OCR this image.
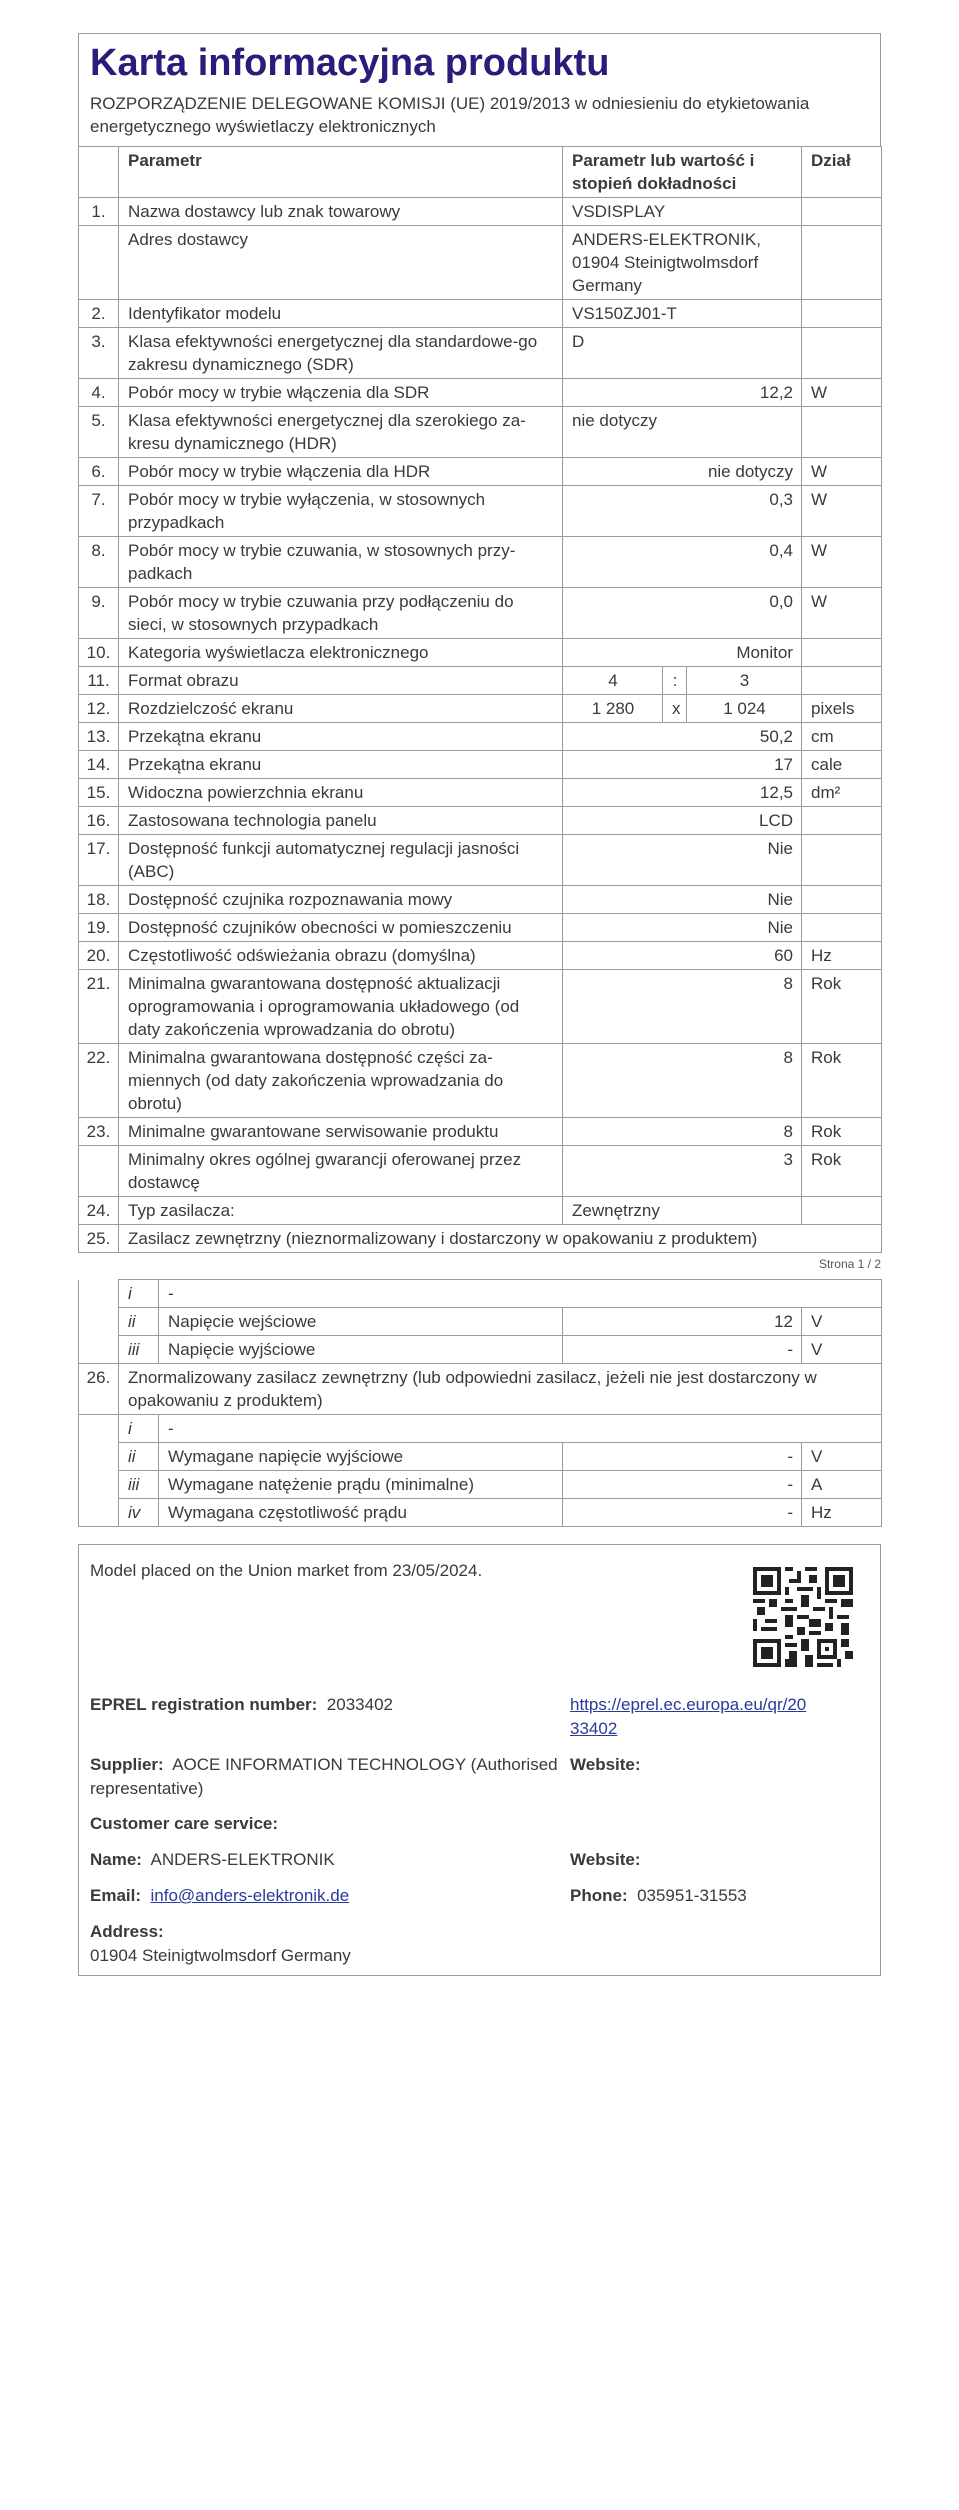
Karta informacyjna produktu
ROZPORZĄDZENIE DELEGOWANE KOMISJI (UE) 2019/2013 w odniesieniu do etykietowania energetycznego wyświetlaczy elektronicznych
	Parametr	Parametr lub wartość i stopień dokładności			Dział
1.	Nazwa dostawcy lub znak towarowy	VSDISPLAY			
	Adres dostawcy	ANDERS-ELEKTRONIK, 01904 Steinigtwolmsdorf Germany			
2.	Identyfikator modelu	VS150ZJ01-T			
3.	Klasa efektywności energetycznej dla standardowe-go zakresu dynamicznego (SDR)	D			
4.	Pobór mocy w trybie włączenia dla SDR	12,2			W
5.	Klasa efektywności energetycznej dla szerokiego za-kresu dynamicznego (HDR)	nie dotyczy			
6.	Pobór mocy w trybie włączenia dla HDR	nie dotyczy			W
7.	Pobór mocy w trybie wyłączenia, w stosownych przypadkach	0,3			W
8.	Pobór mocy w trybie czuwania, w stosownych przy-padkach	0,4			W
9.	Pobór mocy w trybie czuwania przy podłączeniu do sieci, w stosownych przypadkach	0,0			W
10.	Kategoria wyświetlacza elektronicznego	Monitor			
11.	Format obrazu	4	:	3	
12.	Rozdzielczość ekranu	1 280	x	1 024	pixels
13.	Przekątna ekranu	50,2			cm
14.	Przekątna ekranu	17			cale
15.	Widoczna powierzchnia ekranu	12,5			dm²
16.	Zastosowana technologia panelu	LCD			
17.	Dostępność funkcji automatycznej regulacji jasności (ABC)	Nie			
18.	Dostępność czujnika rozpoznawania mowy	Nie			
19.	Dostępność czujników obecności w pomieszczeniu	Nie			
20.	Częstotliwość odświeżania obrazu (domyślna)	60			Hz
21.	Minimalna gwarantowana dostępność aktualizacji oprogramowania i oprogramowania układowego (od daty zakończenia wprowadzania do obrotu)	8			Rok
22.	Minimalna gwarantowana dostępność części za-miennych (od daty zakończenia wprowadzania do obrotu)	8			Rok
23.	Minimalne gwarantowane serwisowanie produktu	8			Rok
	Minimalny okres ogólnej gwarancji oferowanej przez dostawcę	3			Rok
24.	Typ zasilacza:	Zewnętrzny			
25.	Zasilacz zewnętrzny (nieznormalizowany i dostarczony w opakowaniu z produktem)				
Strona 1 / 2
	i	-		
	ii	Napięcie wejściowe	12	V
	iii	Napięcie wyjściowe	-	V
26.	Znormalizowany zasilacz zewnętrzny (lub odpowiedni zasilacz, jeżeli nie jest dostarczony w opakowaniu z produktem)			
	i	-		
	ii	Wymagane napięcie wyjściowe	-	V
	iii	Wymagane natężenie prądu (minimalne)	-	A
	iv	Wymagana częstotliwość prądu	-	Hz
Model placed on the Union market from 23/05/2024.
EPREL registration number: 2033402	https://eprel.ec.europa.eu/qr/20
33402
Supplier: AOCE INFORMATION TECHNOLOGY (Authorised
representative)
Website:
Customer care service:
Name: ANDERS-ELEKTRONIK	Website:
Email: info@anders-elektronik.de	Phone: 035951-31553
Address:
01904 Steinigtwolmsdorf Germany
